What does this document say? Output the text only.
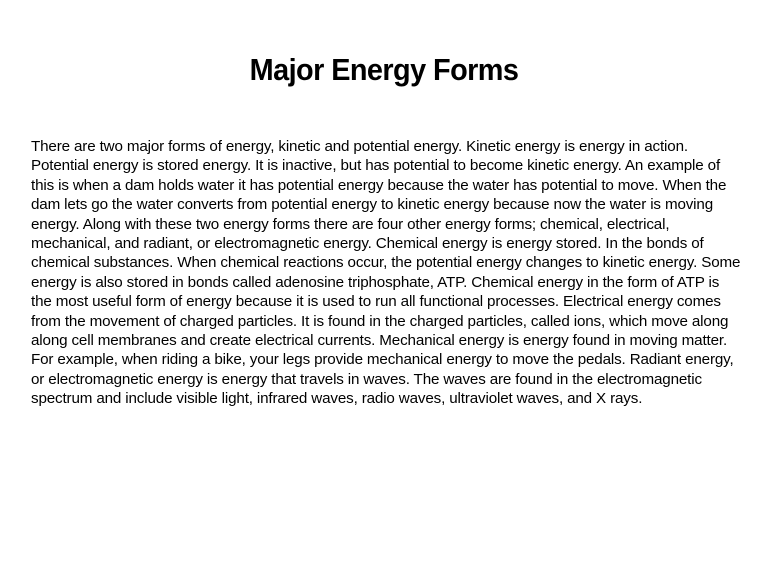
Major Energy Forms

There are two major forms of energy, kinetic and potential energy. Kinetic energy is energy in action. Potential energy is stored energy. It is inactive, but has potential to become kinetic energy. An example of this is when a dam holds water it has potential energy because the water has potential to move. When the dam lets go the water converts from potential energy to kinetic energy because now the water is moving energy. Along with these two energy forms there are four other energy forms; chemical, electrical, mechanical, and radiant, or electromagnetic energy. Chemical energy is energy stored. In the bonds of chemical substances. When chemical reactions occur, the potential energy changes to kinetic energy. Some energy is also stored in bonds called adenosine triphosphate, ATP. Chemical energy in the form of ATP is the most useful form of energy because it is used to run all functional processes. Electrical energy comes from the movement of charged particles. It is found in the charged particles, called ions, which move along along cell membranes and create electrical currents. Mechanical energy is energy found in moving matter. For example, when riding a bike, your legs provide mechanical energy to move the pedals. Radiant energy, or electromagnetic energy is energy that travels in waves. The waves are found in the electromagnetic spectrum and include visible light, infrared waves, radio waves, ultraviolet waves, and X rays.
